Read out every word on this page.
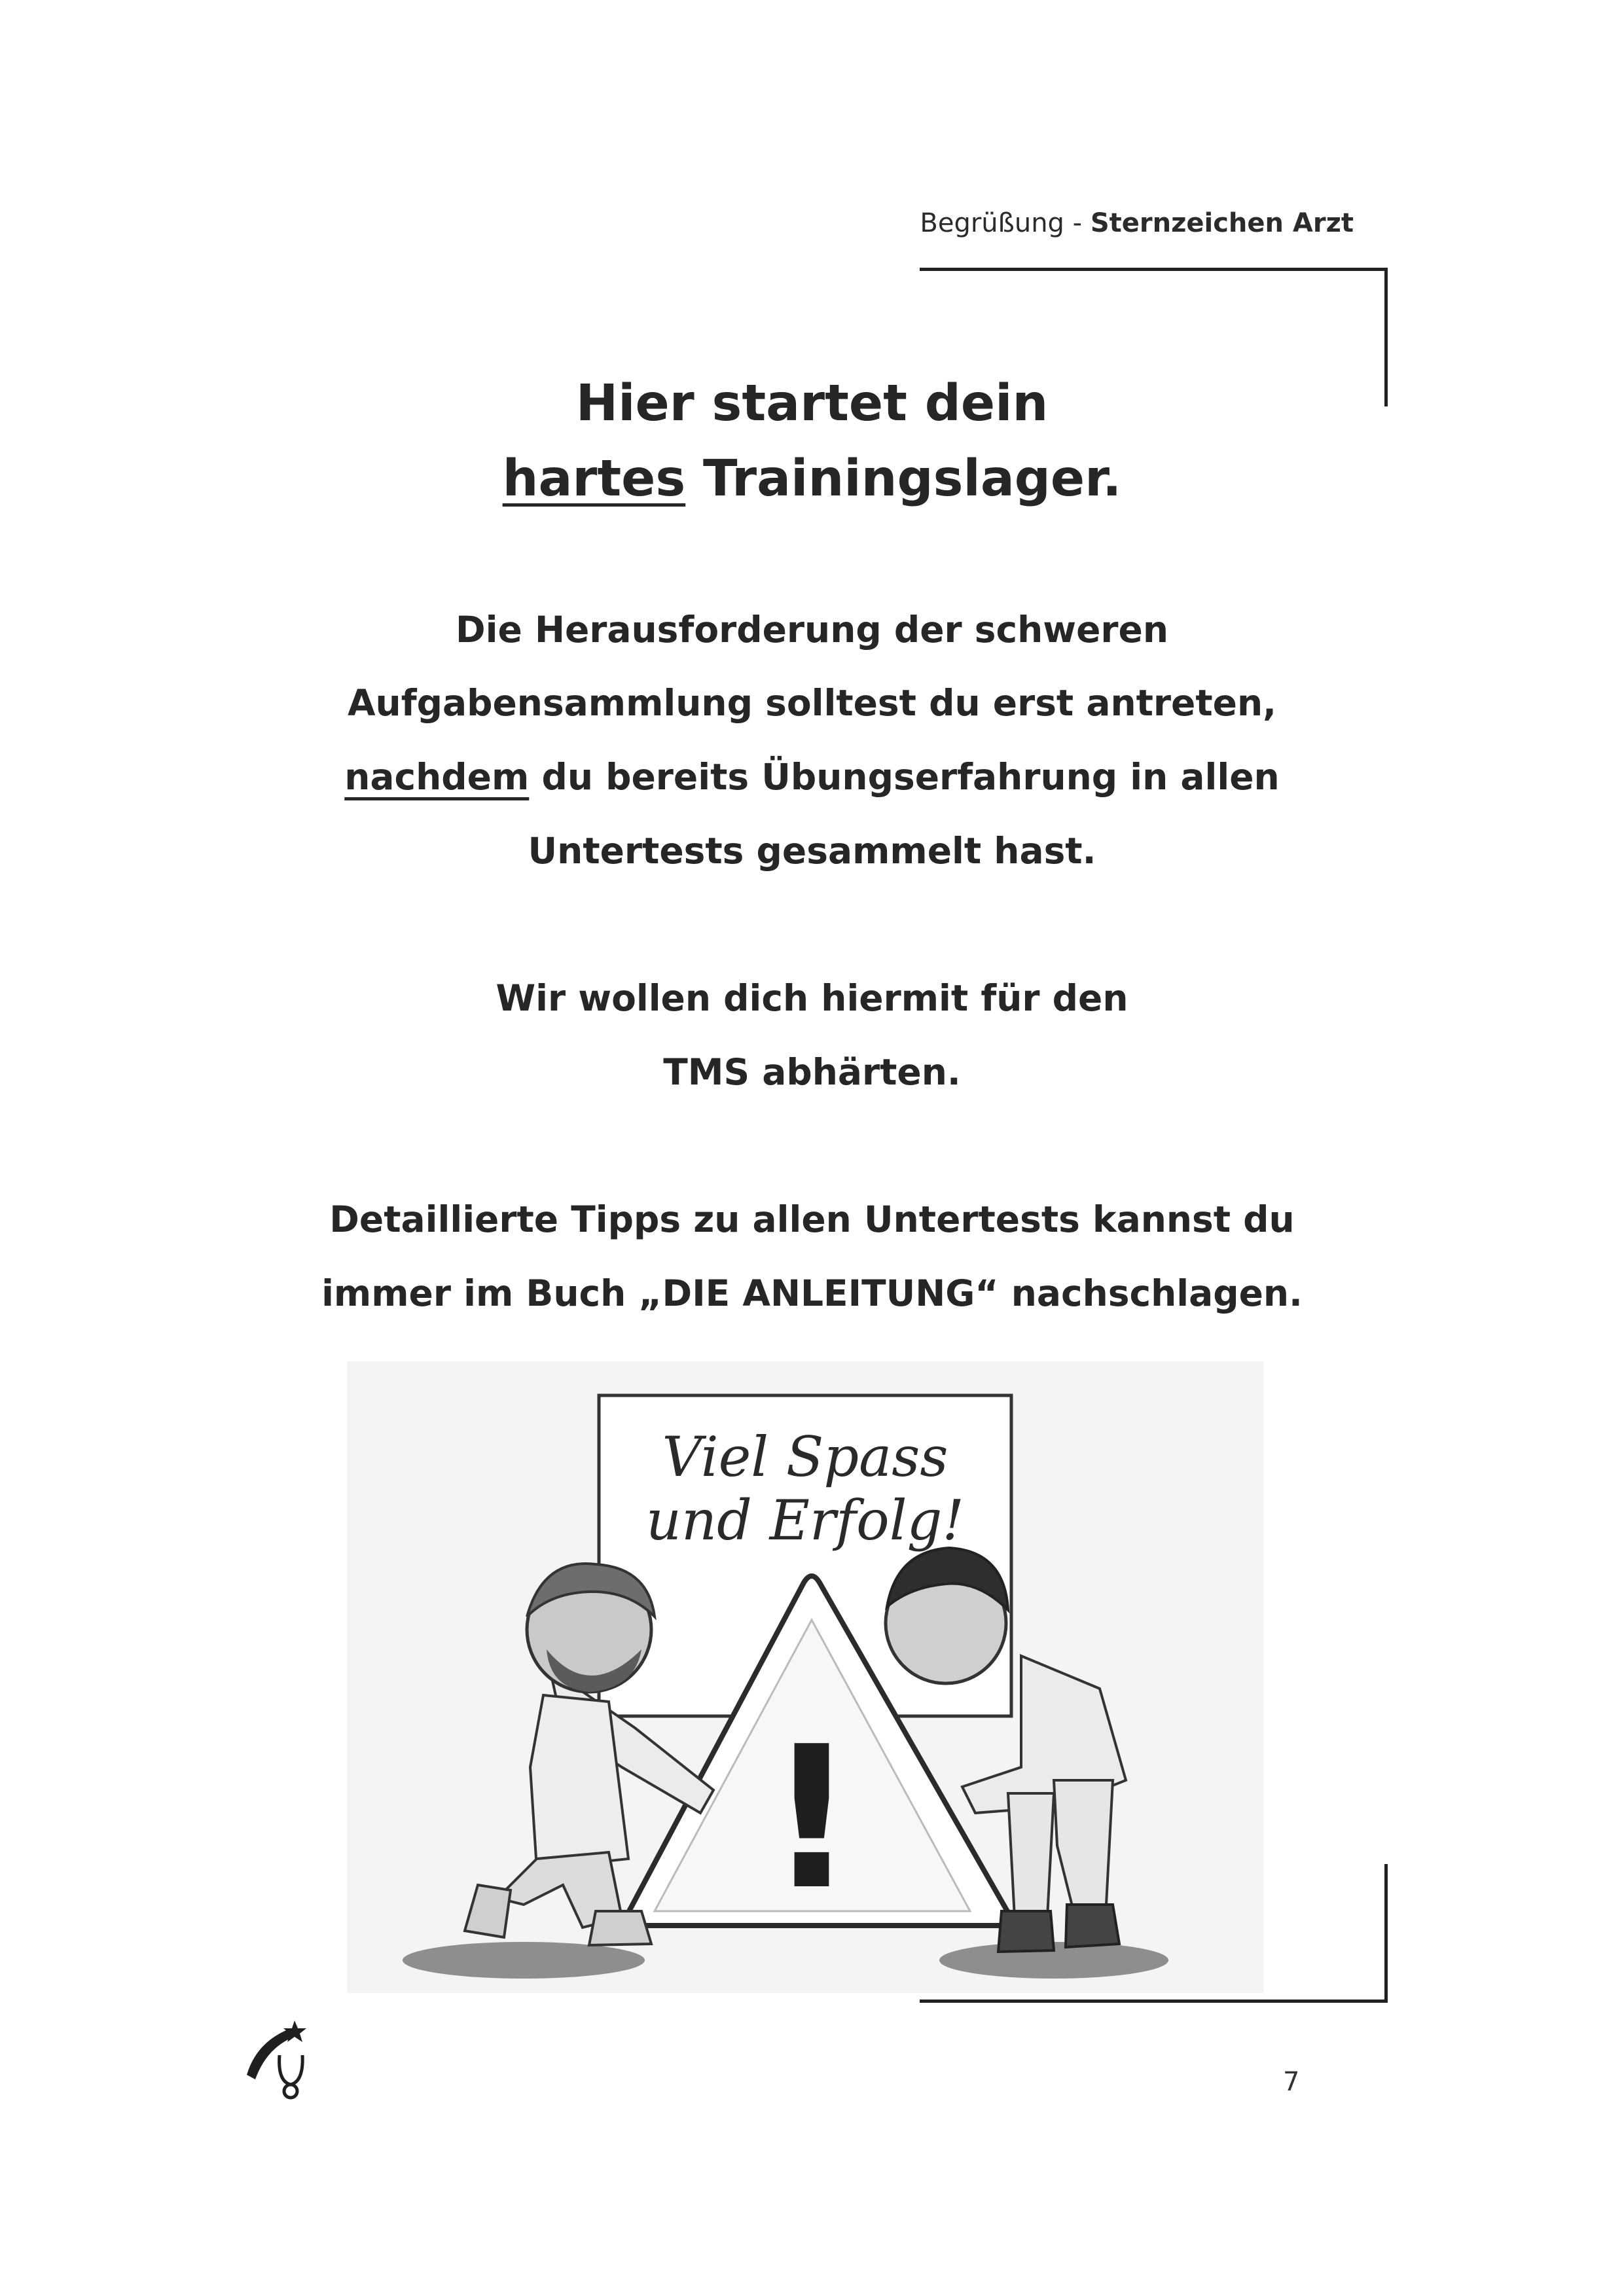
Begrüßung - Sternzeichen Arzt
Hier startet dein
hartes Trainingslager.
Die Herausforderung der schweren
Aufgabensammlung solltest du erst antreten,
nachdem du bereits Übungserfahrung in allen
Untertests gesammelt hast.
Wir wollen dich hiermit für den
TMS abhärten.
Detaillierte Tipps zu allen Untertests kannst du
immer im Buch „DIE ANLEITUNG“ nachschlagen.
Viel Spass
und Erfolg!
!
7
